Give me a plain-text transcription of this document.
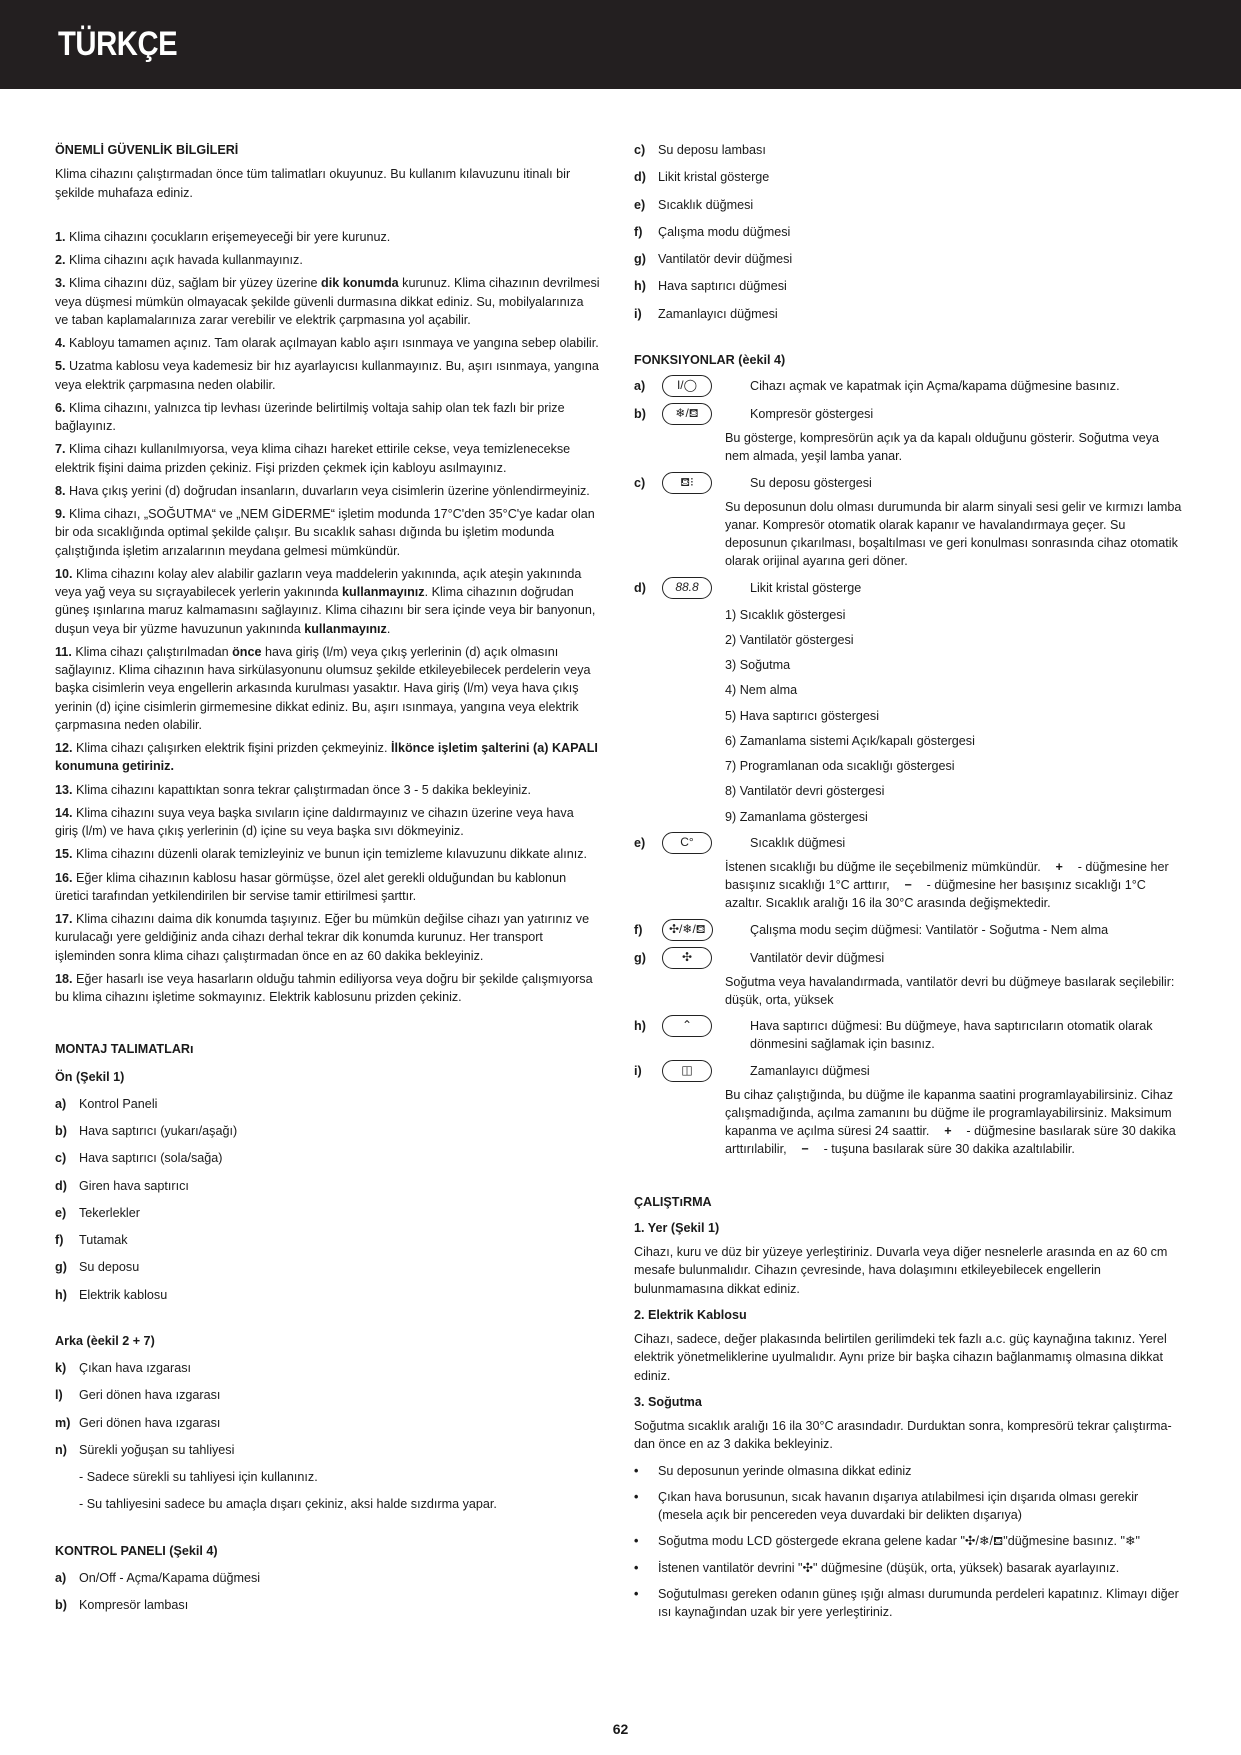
TÜRKÇE

ÖNEMLİ GÜVENLİK BİLGİLERİ

Klima cihazını çalıştırmadan önce tüm talimatları okuyunuz. Bu kullanım kılavuzunu itinalı bir şekilde muhafaza ediniz.

1. Klima cihazını çocukların erişemeyeceği bir yere kurunuz.

2. Klima cihazını açık havada kullanmayınız.

3. Klima cihazını düz, sağlam bir yüzey üzerine dik konumda kurunuz. Klima cihazının devrilmesi veya düşmesi mümkün olmayacak şekilde güvenli durmasına dikkat ediniz. Su, mobilyalarınıza ve taban kaplamalarınıza zarar verebilir ve elektrik çarpmasına yol açabilir.

4. Kabloyu tamamen açınız. Tam olarak açılmayan kablo aşırı ısınmaya ve yangına sebep olabilir.

5. Uzatma kablosu veya kademesiz bir hız ayarlayıcısı kullanmayınız. Bu, aşırı ısınmaya, yangına veya elektrik çarpmasına neden olabilir.

6. Klima cihazını, yalnızca tip levhası üzerinde belirtilmiş voltaja sahip olan tek fazlı bir prize bağlayınız.

7. Klima cihazı kullanılmıyorsa, veya klima cihazı hareket ettirile cekse, veya temizlenecekse elektrik fişini daima prizden çekiniz. Fişi prizden çekmek için kabloyu asılmayınız.

8. Hava çıkış yerini (d) doğrudan insanların, duvarların veya cisimlerin üzerine yönlendirmeyiniz.

9. Klima cihazı, „SOĞUTMA“ ve „NEM GİDERME“ işletim modunda 17°C'den 35°C'ye kadar olan bir oda sıcaklığında optimal şekilde çalışır. Bu sıcaklık sahası dığında bu işletim modunda çalıştığında işletim arızalarının meydana gelmesi mümkündür.

10. Klima cihazını kolay alev alabilir gazların veya maddelerin yakınında, açık ateşin yakınında veya yağ veya su sıçrayabilecek yerlerin yakınında kullanmayınız. Klima cihazının doğrudan güneş ışınlarına maruz kalmamasını sağlayınız. Klima cihazını bir sera içinde veya bir banyonun, duşun veya bir yüzme havuzunun yakınında kullanmayınız.

11. Klima cihazı çalıştırılmadan önce hava giriş (l/m) veya çıkış yerlerinin (d) açık olmasını sağlayınız. Klima cihazının hava sirkülasyonunu olumsuz şekilde etkileyebilecek perdelerin veya başka cisimlerin veya engellerin arkasında kurulması yasaktır. Hava giriş (l/m) veya hava çıkış yerinin (d) içine cisimlerin girmemesine dikkat ediniz. Bu, aşırı ısınmaya, yangına veya elektrik çarpmasına neden olabilir.

12. Klima cihazı çalışırken elektrik fişini prizden çekmeyiniz. İlkönce işletim şalterini (a) KAPALI konumuna getiriniz.

13. Klima cihazını kapattıktan sonra tekrar çalıştırmadan önce 3 - 5 dakika bekleyiniz.

14. Klima cihazını suya veya başka sıvıların içine daldırmayınız ve cihazın üzerine veya hava giriş (l/m) ve hava çıkış yerlerinin (d) içine su veya başka sıvı dökmeyiniz.

15. Klima cihazını düzenli olarak temizleyiniz ve bunun için temizleme kılavuzunu dikkate alınız.

16. Eğer klima cihazının kablosu hasar görmüşse, özel alet gerekli olduğundan bu kablonun üretici tarafından yetkilendirilen bir servise tamir ettirilmesi şarttır.

17. Klima cihazını daima dik konumda taşıyınız. Eğer bu mümkün değilse cihazı yan yatırınız ve kurulacağı yere geldiğiniz anda cihazı derhal tekrar dik konumda kurunuz. Her transport işleminden sonra klima cihazı çalıştırmadan önce en az 60 dakika bekleyiniz.

18. Eğer hasarlı ise veya hasarların olduğu tahmin ediliyorsa veya doğru bir şekilde çalışmıyorsa bu klima cihazını işletime sokmayınız. Elektrik kablosunu prizden çekiniz.

MONTAJ TALIMATLARı

Ön (Şekil 1)

a)	Kontrol Paneli
b) Hava saptırıcı (yukarı/aşağı)
c)	Hava saptırıcı (sola/sağa)
d) Giren hava saptırıcı
e)	Tekerlekler
f)	Tutamak
g) Su deposu
h) Elektrik kablosu

Arka (èekil 2 + 7)

k)	Çıkan hava ızgarası
l)	Geri dönen hava ızgarası
m) Geri dönen hava ızgarası
n) Sürekli yoğuşan su tahliyesi

- Sadece sürekli su tahliyesi için kullanınız.

- Su tahliyesini sadece bu amaçla dışarı çekiniz, aksi halde sızdırma yapar.

KONTROL PANELI (Şekil 4)

a)	On/Off - Açma/Kapama düğmesi
b) Kompresör lambası
c)	Su deposu lambası
d) Likit kristal gösterge
e)	Sıcaklık düğmesi
f)	Çalışma modu düğmesi
g) Vantilatör devir düğmesi
h) Hava saptırıcı düğmesi
i)	Zamanlayıcı düğmesi

FONKSIYONLAR (èekil 4)

a)	I/◯	Cihazı açmak ve kapatmak için Açma/kapama düğmesine basınız.
b)	❄/⛾	Kompresör göstergesi

Bu gösterge, kompresörün açık ya da kapalı olduğunu gösterir. Soğutma veya nem almada, yeşil lamba yanar.

c)	⛾⁝	Su deposu göstergesi

Su deposunun dolu olması durumunda bir alarm sinyali sesi gelir ve kırmızı lamba yanar. Kompresör otomatik olarak kapanır ve havalandırmaya geçer. Su deposunun çıkarılması, boşaltılması ve geri konulması sonrasında cihaz otomatik olarak orijinal ayarına geri döner.

d)	88.8	Likit kristal gösterge

1) Sıcaklık göstergesi

2) Vantilatör göstergesi

3) Soğutma

4) Nem alma

5) Hava saptırıcı göstergesi

6) Zamanlama sistemi Açık/kapalı göstergesi

7) Programlanan oda sıcaklığı göstergesi

8) Vantilatör devri göstergesi

9) Zamanlama göstergesi

e)	C°	Sıcaklık düğmesi

İstenen sıcaklığı bu düğme ile seçebilmeniz mümkündür. + - düğmesine her basışınız sıcaklığı 1°C arttırır, − - düğmesine her basışınız sıcaklığı 1°C azaltır. Sıcaklık aralığı 16 ila 30°C arasında değişmektedir.

f)	✣/❄/⛾	Çalışma modu seçim düğmesi: Vantilatör - Soğutma - Nem alma
g)	✣	Vantilatör devir düğmesi

Soğutma veya havalandırmada, vantilatör devri bu düğmeye basılarak seçilebilir: düşük, orta, yüksek

h)	⌃	Hava saptırıcı düğmesi: Bu düğmeye, hava saptırıcıların otomatik olarak dönmesini sağlamak için basınız.
i)	◫	Zamanlayıcı düğmesi

Bu cihaz çalıştığında, bu düğme ile kapanma saatini programlayabilirsiniz. Cihaz çalışmadığında, açılma zamanını bu düğme ile programlayabilirsiniz. Maksimum kapanma ve açılma süresi 24 saattir. + - düğmesine basılarak süre 30 dakika arttırılabilir, − - tuşuna basılarak süre 30 dakika azaltılabilir.

ÇALIŞTıRMA

1. Yer (Şekil 1)

Cihazı, kuru ve düz bir yüzeye yerleştiriniz. Duvarla veya diğer nesnelerle arasında en az 60 cm mesafe bulunmalıdır. Cihazın çevresinde, hava dolaşımını etkileyebilecek engellerin bulunmamasına dikkat ediniz.

2. Elektrik Kablosu

Cihazı, sadece, değer plakasında belirtilen gerilimdeki tek fazlı a.c. güç kaynağına takınız. Yerel elektrik yönetmeliklerine uyulmalıdır. Aynı prize bir başka cihazın bağlanmamış olmasına dikkat ediniz.

3. Soğutma

Soğutma sıcaklık aralığı 16 ila 30°C arasındadır. Durduktan sonra, kompresörü tekrar çalıştırma-dan önce en az 3 dakika bekleyiniz.

•	Su deposunun yerinde olmasına dikkat ediniz
•	Çıkan hava borusunun, sıcak havanın dışarıya atılabilmesi için dışarıda olması gerekir (mesela açık bir pencereden veya duvardaki bir delikten dışarıya)
•	Soğutma modu LCD göstergede ekrana gelene kadar "✣/❄/⛾"düğmesine basınız. "❄"
•	İstenen vantilatör devrini "✣" düğmesine (düşük, orta, yüksek) basarak ayarlayınız.
•	Soğutulması gereken odanın güneş ışığı alması durumunda perdeleri kapatınız. Klimayı diğer ısı kaynağından uzak bir yere yerleştiriniz.
62
